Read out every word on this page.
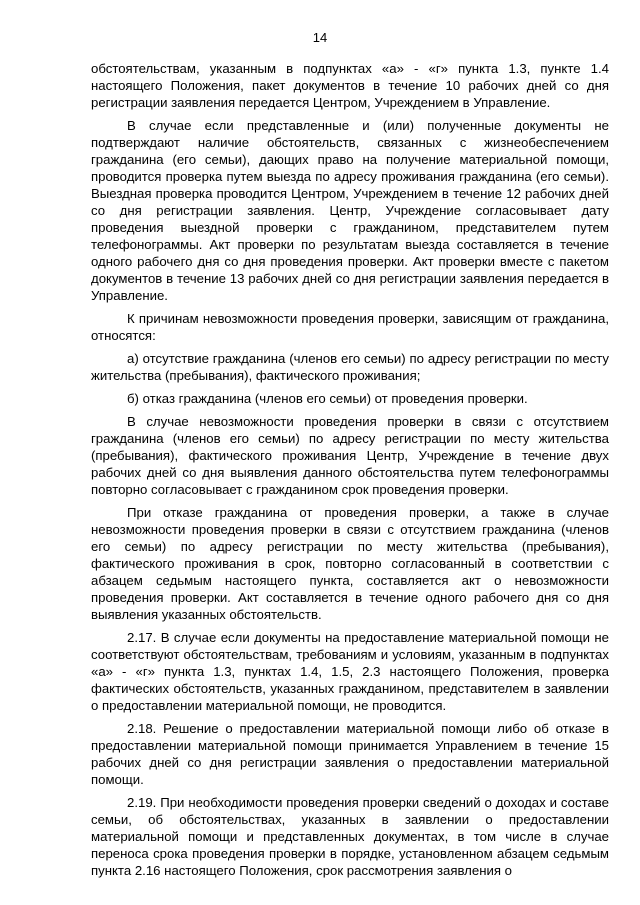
14

обстоятельствам, указанным в подпунктах «а» - «г» пункта 1.3, пункте 1.4 настоящего Положения, пакет документов в течение 10 рабочих дней со дня регистрации заявления передается Центром, Учреждением в Управление.

В случае если представленные и (или) полученные документы не подтверждают наличие обстоятельств, связанных с жизнеобеспечением гражданина (его семьи), дающих право на получение материальной помощи, проводится проверка путем выезда по адресу проживания гражданина (его семьи). Выездная проверка проводится Центром, Учреждением в течение 12 рабочих дней со дня регистрации заявления. Центр, Учреждение согласовывает дату проведения выездной проверки с гражданином, представителем путем телефонограммы. Акт проверки по результатам выезда составляется в течение одного рабочего дня со дня проведения проверки. Акт проверки вместе с пакетом документов в течение 13 рабочих дней со дня регистрации заявления передается в Управление.

К причинам невозможности проведения проверки, зависящим от гражданина, относятся:

а) отсутствие гражданина (членов его семьи) по адресу регистрации по месту жительства (пребывания), фактического проживания;

б) отказ гражданина (членов его семьи) от проведения проверки.

В случае невозможности проведения проверки в связи с отсутствием гражданина (членов его семьи) по адресу регистрации по месту жительства (пребывания), фактического проживания Центр, Учреждение в течение двух рабочих дней со дня выявления данного обстоятельства путем телефонограммы повторно согласовывает с гражданином срок проведения проверки.

При отказе гражданина от проведения проверки, а также в случае невозможности проведения проверки в связи с отсутствием гражданина (членов его семьи) по адресу регистрации по месту жительства (пребывания), фактического проживания в срок, повторно согласованный в соответствии с абзацем седьмым настоящего пункта, составляется акт о невозможности проведения проверки. Акт составляется в течение одного рабочего дня со дня выявления указанных обстоятельств.

2.17. В случае если документы на предоставление материальной помощи не соответствуют обстоятельствам, требованиям и условиям, указанным в подпунктах «а» - «г» пункта 1.3, пунктах 1.4, 1.5, 2.3 настоящего Положения, проверка фактических обстоятельств, указанных гражданином, представителем в заявлении о предоставлении материальной помощи, не проводится.

2.18. Решение о предоставлении материальной помощи либо об отказе в предоставлении материальной помощи принимается Управлением в течение 15 рабочих дней со дня регистрации заявления о предоставлении материальной помощи.

2.19. При необходимости проведения проверки сведений о доходах и составе семьи, об обстоятельствах, указанных в заявлении о предоставлении материальной помощи и представленных документах, в том числе в случае переноса срока проведения проверки в порядке, установленном абзацем седьмым пункта 2.16 настоящего Положения, срок рассмотрения заявления о
